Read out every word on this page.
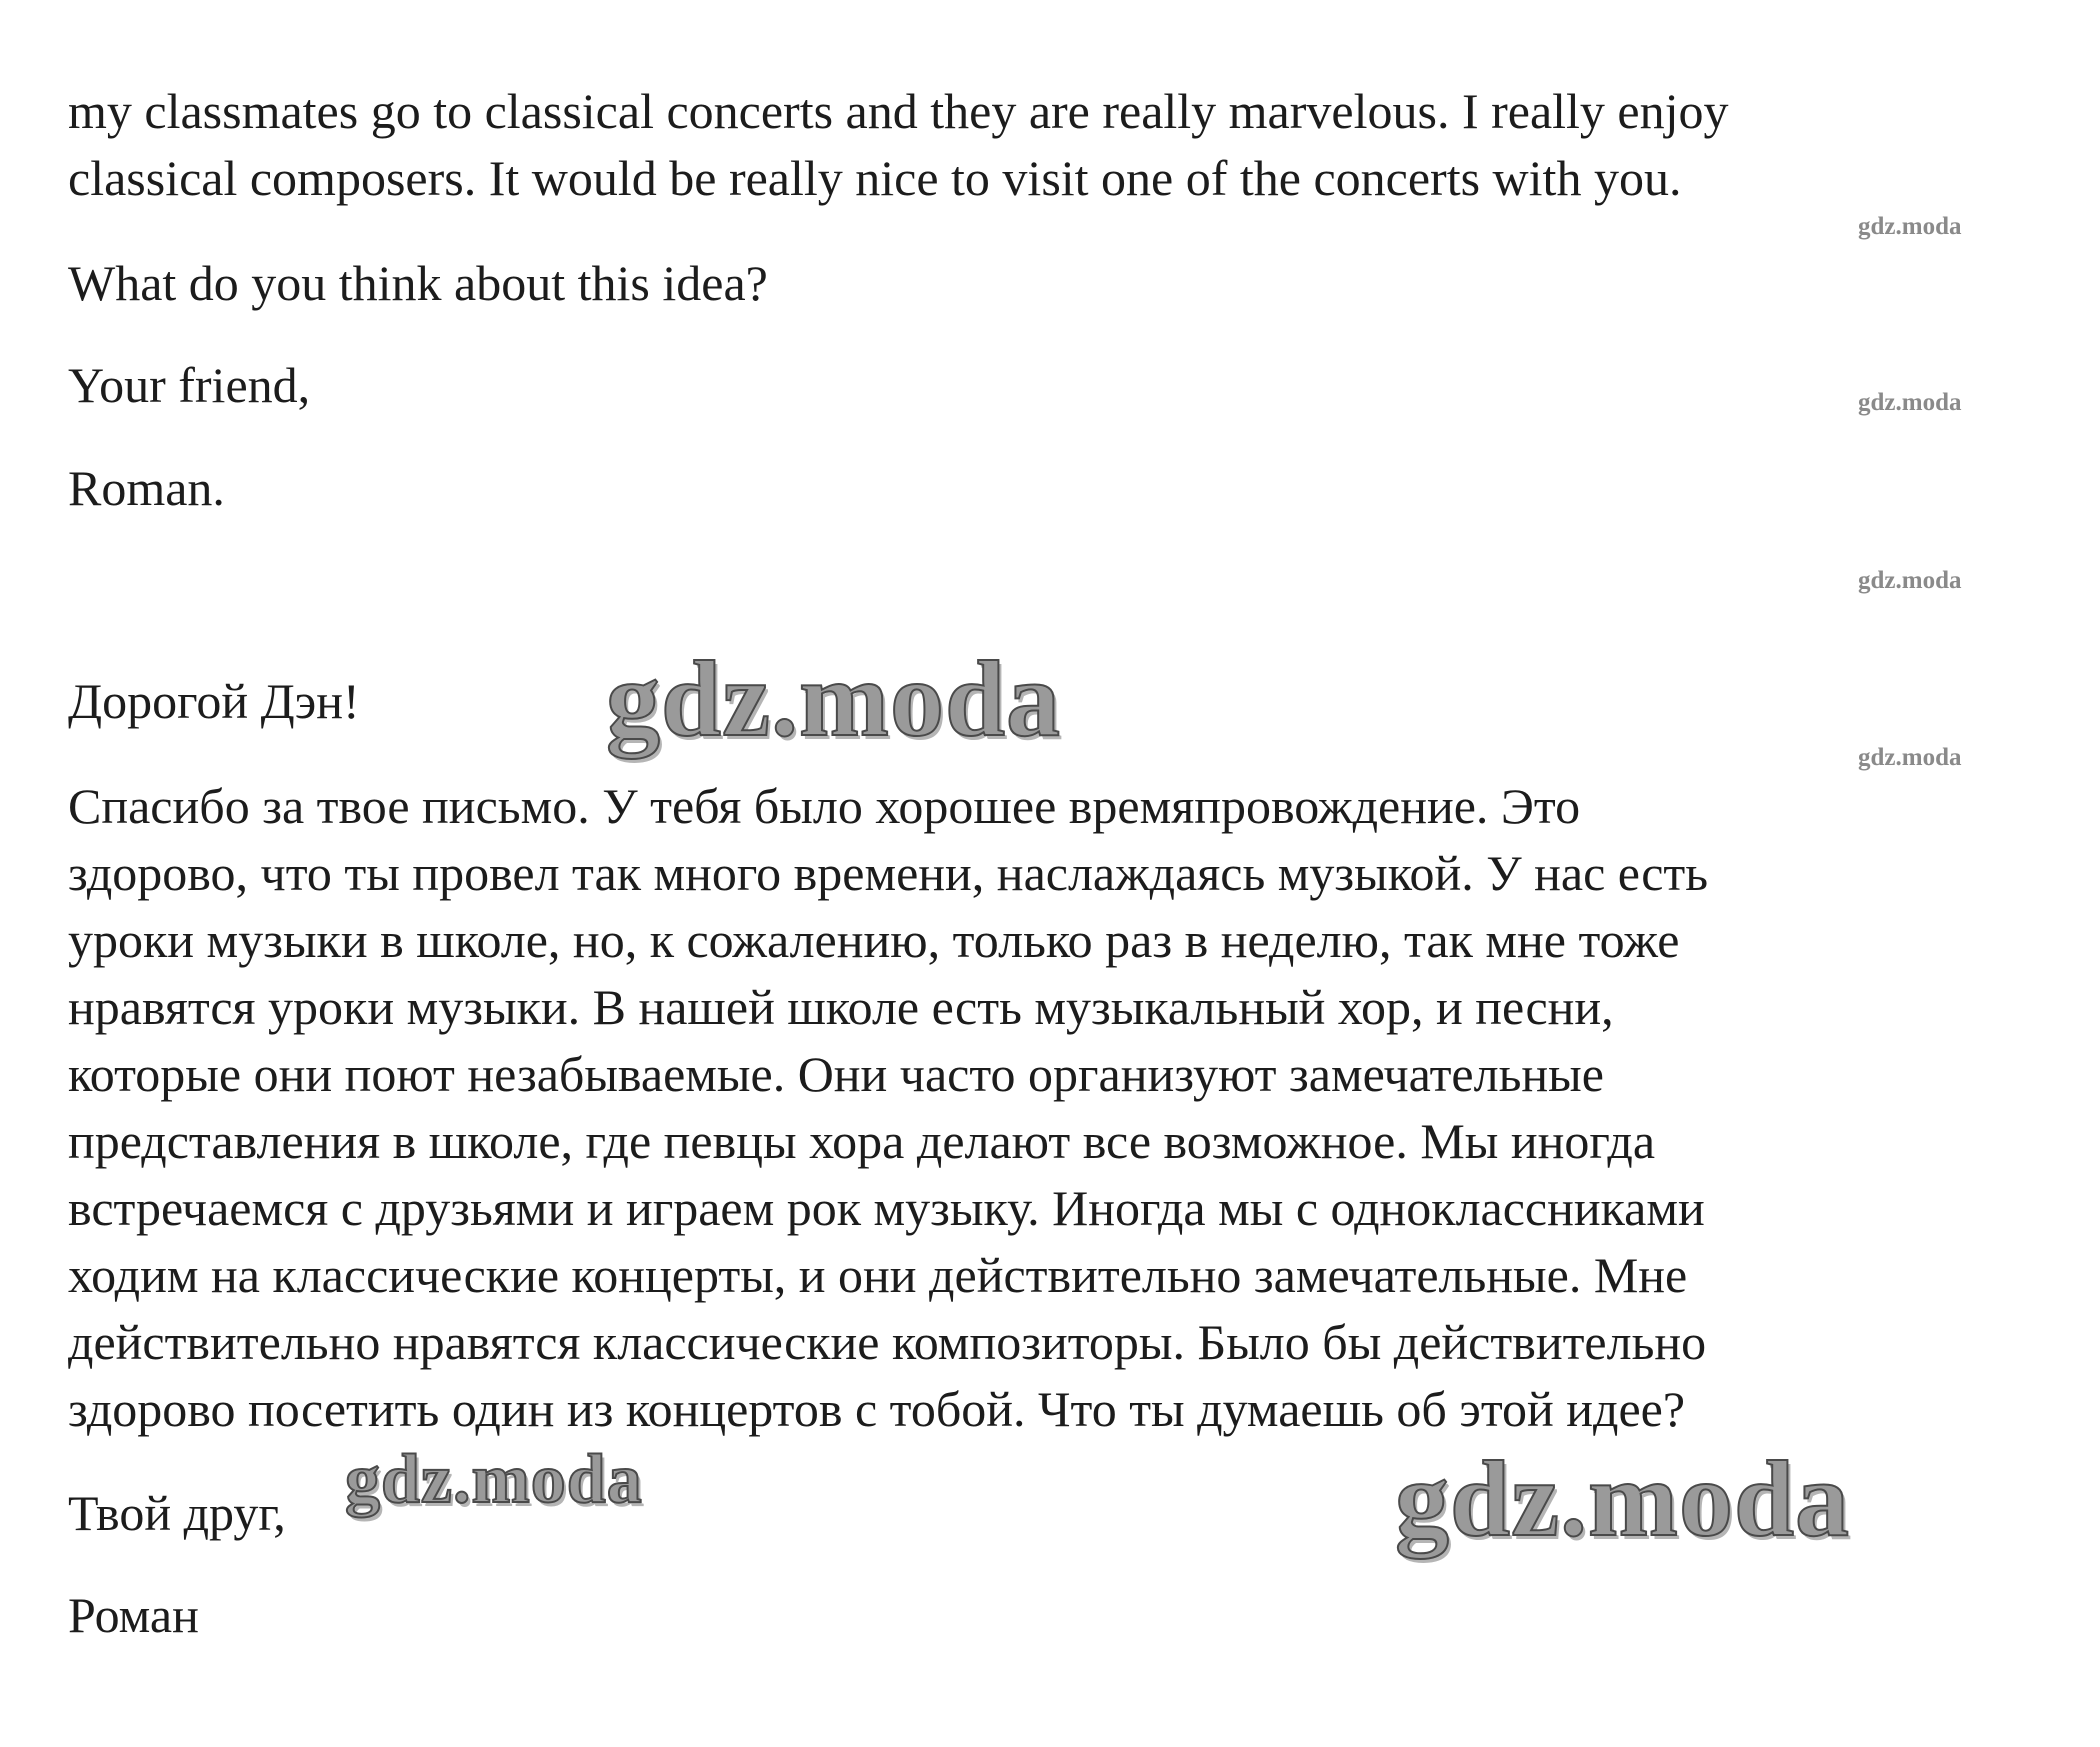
my classmates go to classical concerts and they are really marvelous. I really enjoy

classical composers. It would be really nice to visit one of the concerts with you.

What do you think about this idea?

Your friend,

Roman.

Дорогой Дэн!

Спасибо за твое письмо. У тебя было хорошее времяпровождение. Это

здорово, что ты провел так много времени, наслаждаясь музыкой. У нас есть

уроки музыки в школе, но, к сожалению, только раз в неделю, так мне тоже

нравятся уроки музыки. В нашей школе есть музыкальный хор, и песни,

которые они поют незабываемые. Они часто организуют замечательные

представления в школе, где певцы хора делают все возможное. Мы иногда

встречаемся с друзьями и играем рок музыку. Иногда мы с одноклассниками

ходим на классические концерты, и они действительно замечательные. Мне

действительно нравятся классические композиторы. Было бы действительно

здорово посетить один из концертов с тобой. Что ты думаешь об этой идее?

Твой друг,

Роман

gdz.moda
gdz.moda
gdz.moda
gdz.moda
gdz.moda
gdz.moda	gdz.moda
